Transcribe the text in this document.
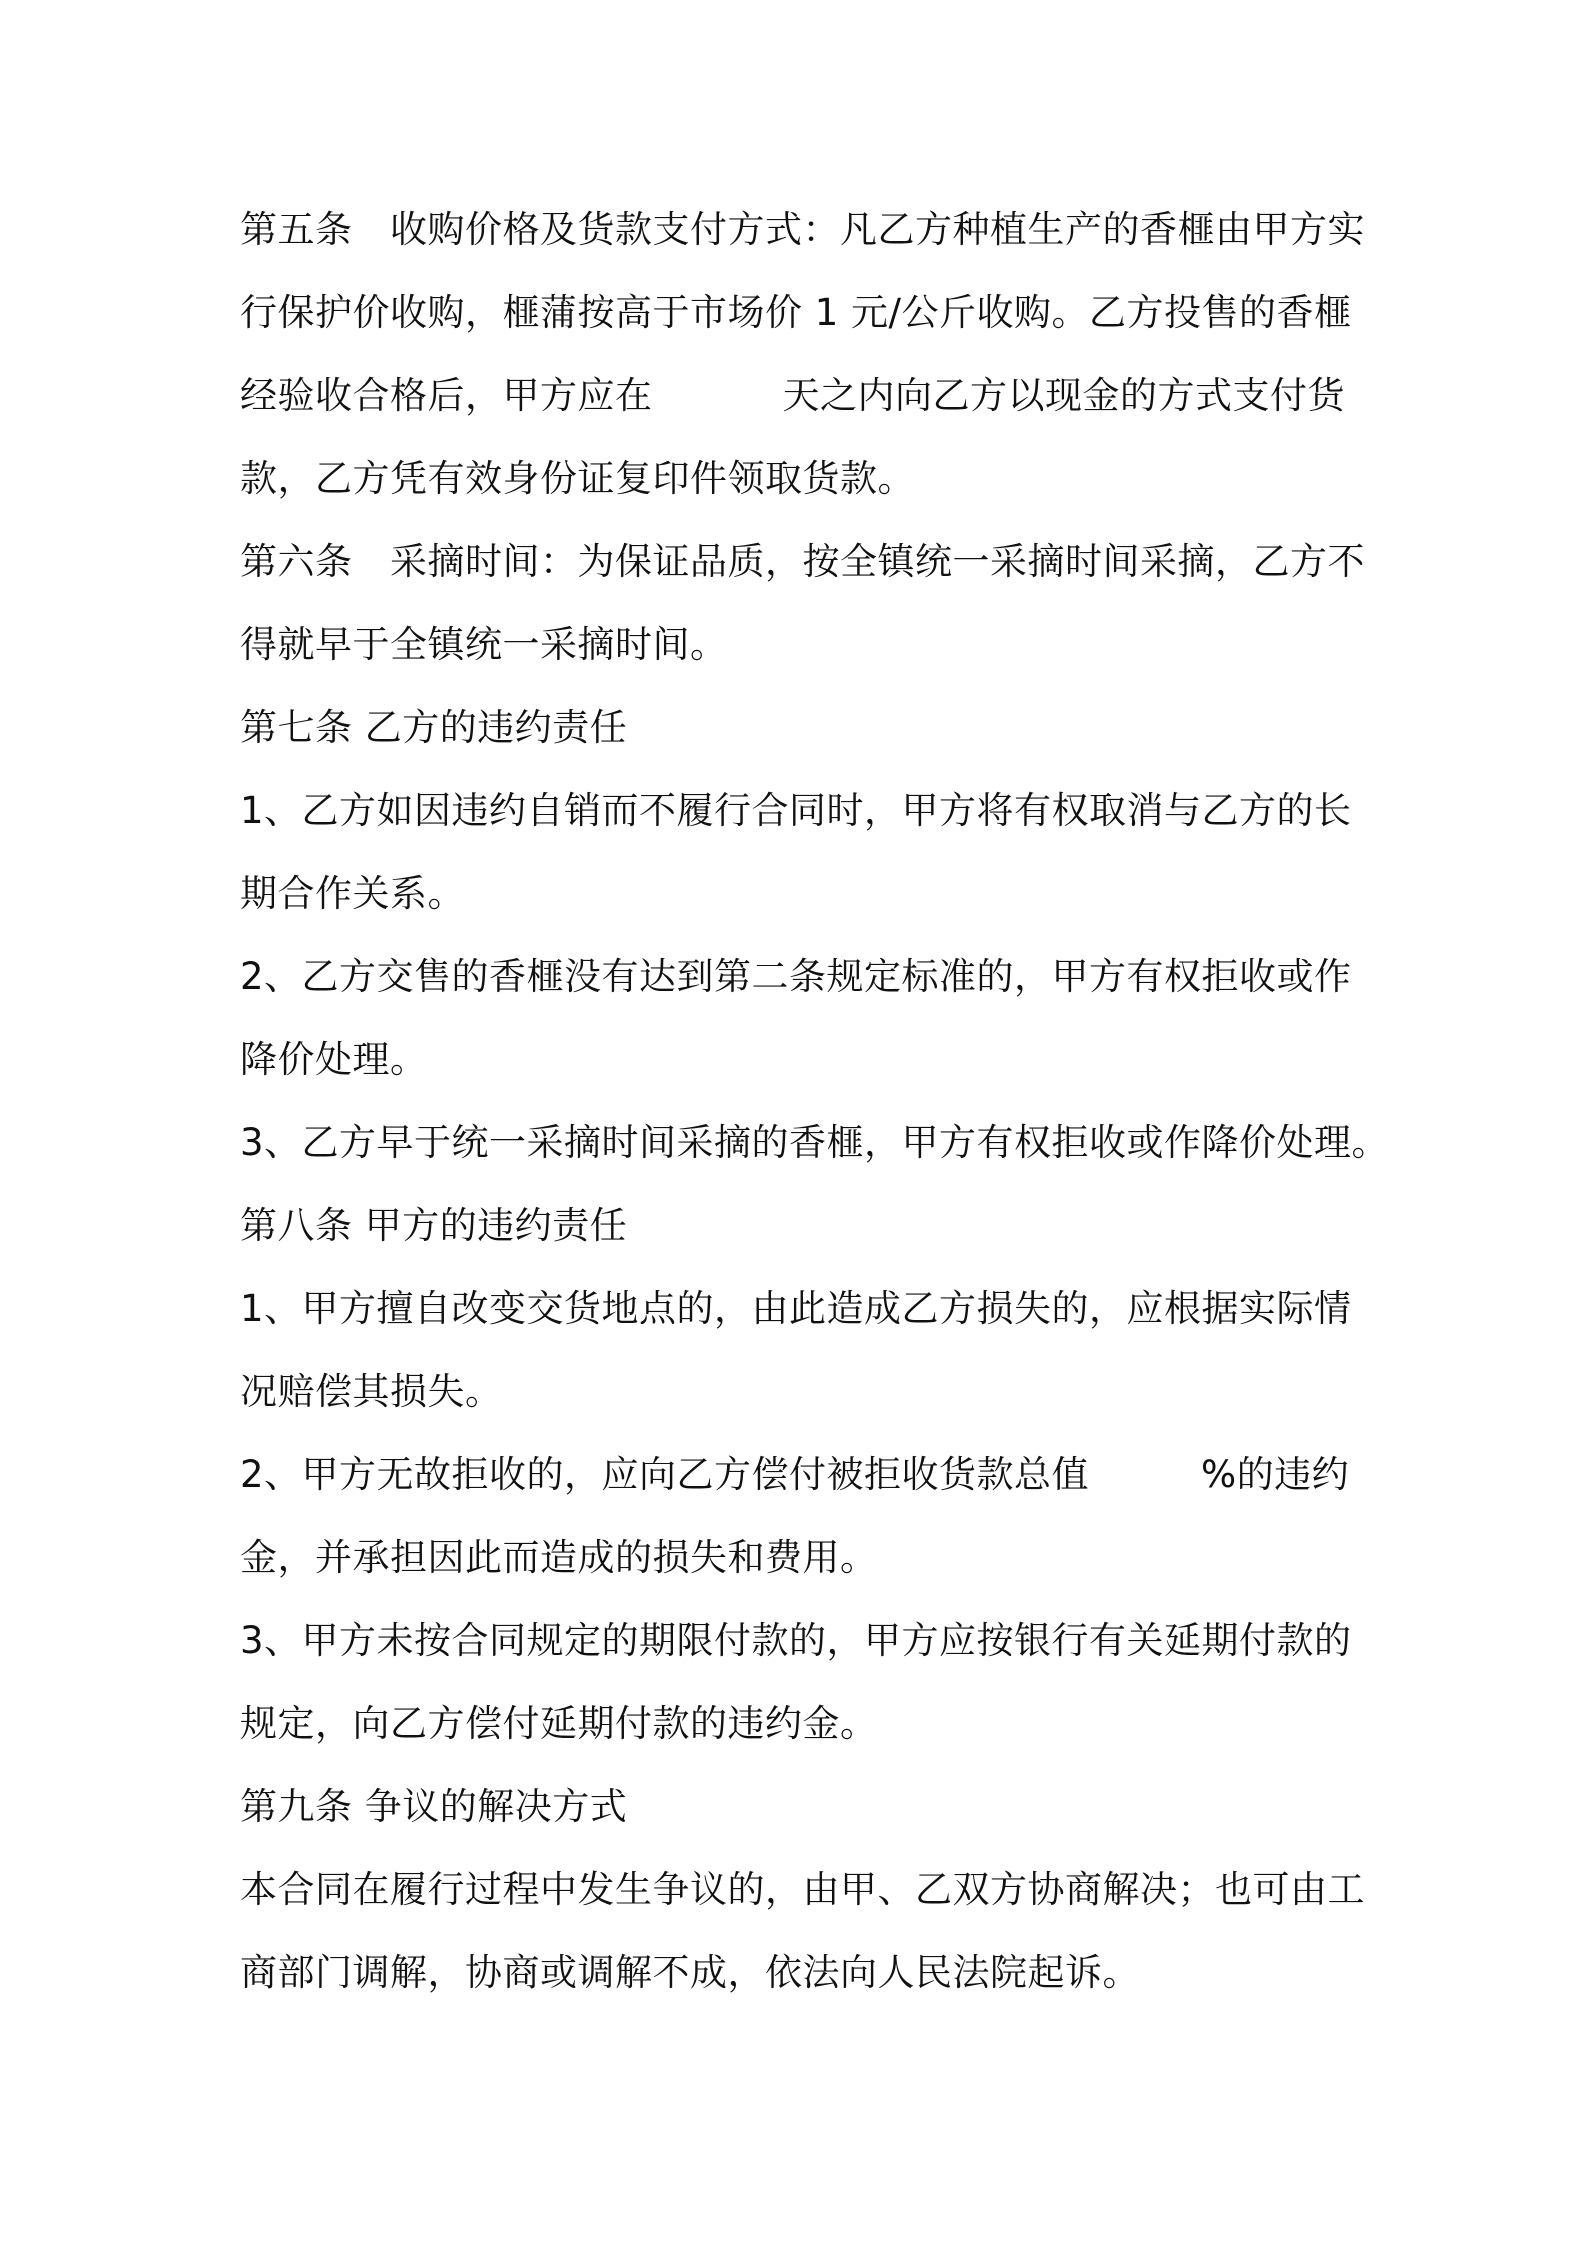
第五条　收购价格及货款支付方式：凡乙方种植生产的香榧由甲方实
行保护价收购，榧蒲按高于市场价 1 元/公斤收购。乙方投售的香榧
经验收合格后，甲方应在	天之内向乙方以现金的方式支付货
款，乙方凭有效身份证复印件领取货款。
第六条　采摘时间：为保证品质，按全镇统一采摘时间采摘，乙方不
得就早于全镇统一采摘时间。
第七条 乙方的违约责任
1、乙方如因违约自销而不履行合同时，甲方将有权取消与乙方的长
期合作关系。
2、乙方交售的香榧没有达到第二条规定标准的，甲方有权拒收或作
降价处理。
3、乙方早于统一采摘时间采摘的香榧，甲方有权拒收或作降价处理。
第八条 甲方的违约责任
1、甲方擅自改变交货地点的，由此造成乙方损失的，应根据实际情
况赔偿其损失。
2、甲方无故拒收的，应向乙方偿付被拒收货款总值	%的违约
金，并承担因此而造成的损失和费用。
3、甲方未按合同规定的期限付款的，甲方应按银行有关延期付款的
规定，向乙方偿付延期付款的违约金。
第九条 争议的解决方式
本合同在履行过程中发生争议的，由甲、乙双方协商解决；也可由工
商部门调解，协商或调解不成，依法向人民法院起诉。
